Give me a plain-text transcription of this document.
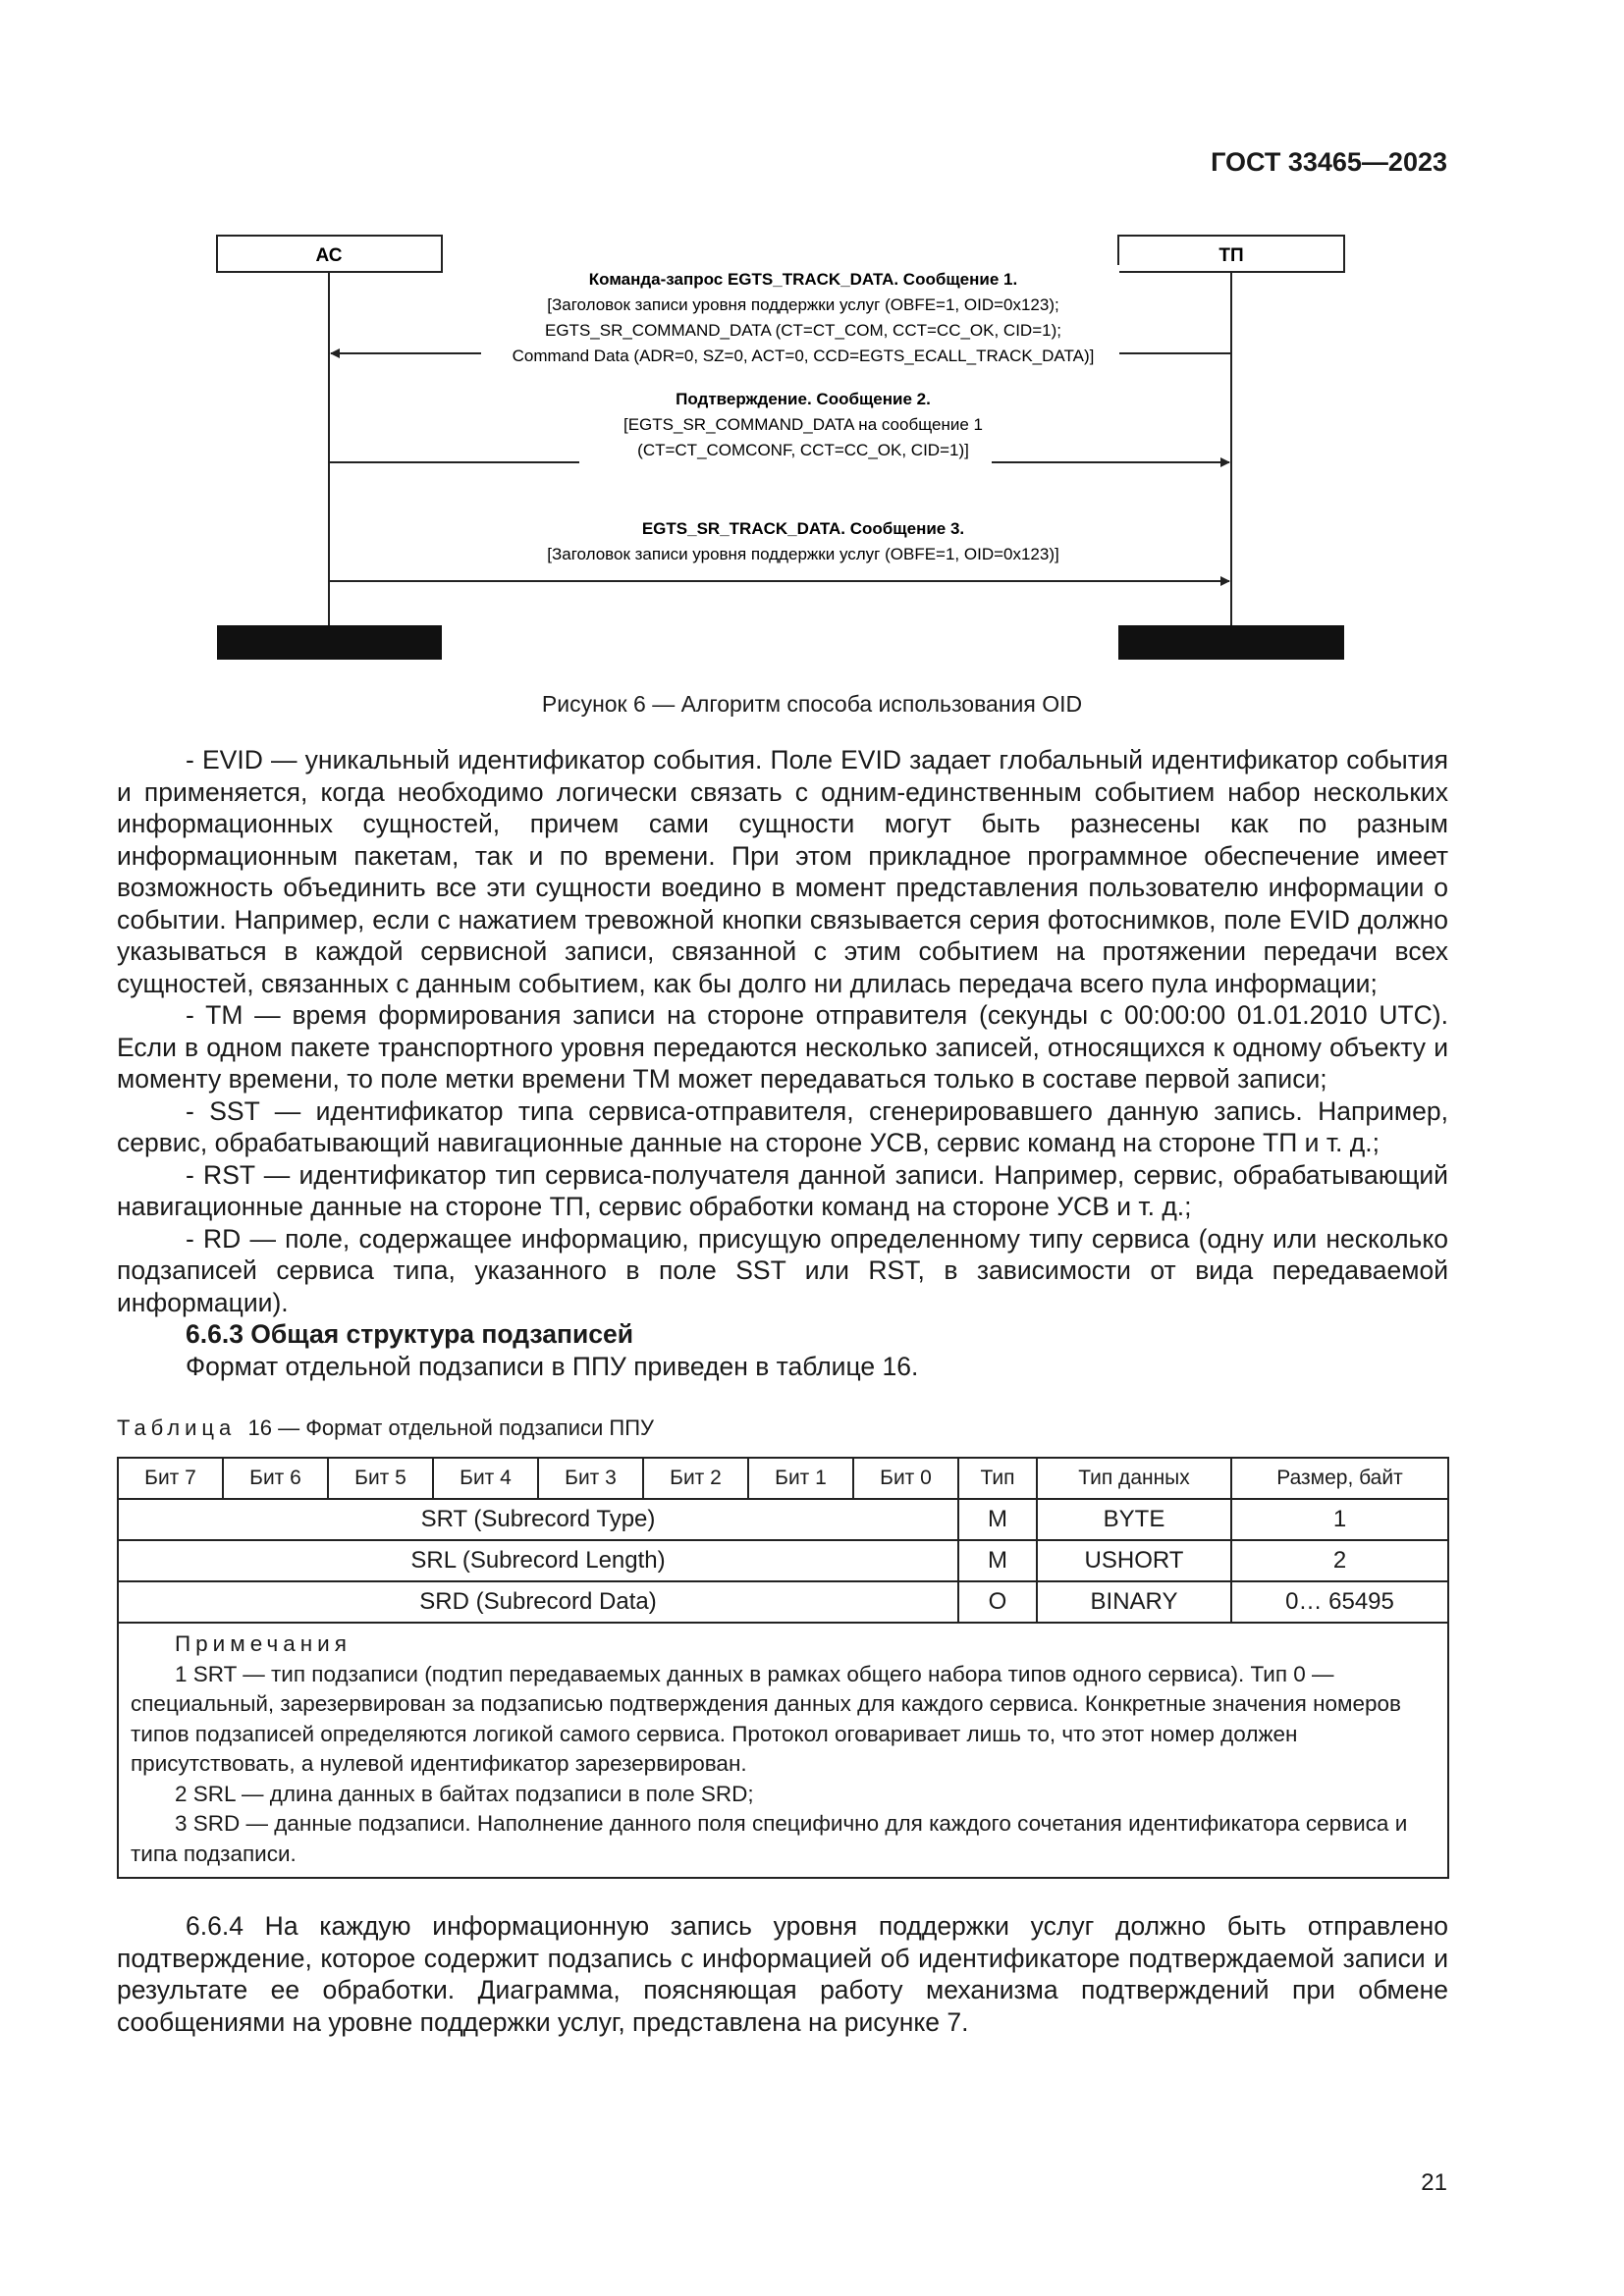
ГОСТ 33465—2023
АС	ТП
Команда-запрос EGTS_TRACK_DATA. Сообщение 1.
[Заголовок записи уровня поддержки услуг (OBFE=1, OID=0x123);
EGTS_SR_COMMAND_DATA (CT=CT_COM, CCT=CC_OK, CID=1);
Command Data (ADR=0, SZ=0, ACT=0, CCD=EGTS_ECALL_TRACK_DATA)]
Подтверждение. Сообщение 2.
[EGTS_SR_COMMAND_DATA на сообщение 1
(CT=CT_COMCONF, CCT=CC_OK, CID=1)]
EGTS_SR_TRACK_DATA. Сообщение 3.
[Заголовок записи уровня поддержки услуг (OBFE=1, OID=0x123)]
Рисунок 6 — Алгоритм способа использования OID

- EVID — уникальный идентификатор события. Поле EVID задает глобальный идентификатор события и применяется, когда необходимо логически связать с одним-единственным событием набор нескольких информационных сущностей, причем сами сущности могут быть разнесены как по разным информационным пакетам, так и по времени. При этом прикладное программное обеспечение имеет возможность объединить все эти сущности воедино в момент представления пользователю информации о событии. Например, если с нажатием тревожной кнопки связывается серия фотоснимков, поле EVID должно указываться в каждой сервисной записи, связанной с этим событием на протяжении передачи всех сущностей, связанных с данным событием, как бы долго ни длилась передача всего пула информации;

- TM — время формирования записи на стороне отправителя (секунды с 00:00:00 01.01.2010 UTC). Если в одном пакете транспортного уровня передаются несколько записей, относящихся к одному объекту и моменту времени, то поле метки времени TM может передаваться только в составе первой записи;

- SST — идентификатор типа сервиса-отправителя, сгенерировавшего данную запись. Например, сервис, обрабатывающий навигационные данные на стороне УСВ, сервис команд на стороне ТП и т. д.;

- RST — идентификатор тип сервиса-получателя данной записи. Например, сервис, обрабатывающий навигационные данные на стороне ТП, сервис обработки команд на стороне УСВ и т. д.;

- RD — поле, содержащее информацию, присущую определенному типу сервиса (одну или несколько подзаписей сервиса типа, указанного в поле SST или RST, в зависимости от вида передаваемой информации).

6.6.3 Общая структура подзаписей

Формат отдельной подзаписи в ППУ приведен в таблице 16.

Таблица 16 — Формат отдельной подзаписи ППУ
Бит 7	Бит 6	Бит 5	Бит 4	Бит 3	Бит 2	Бит 1	Бит 0	Тип	Тип данных	Размер, байт
SRT (Subrecord Type)								M	BYTE	1
SRL (Subrecord Length)								M	USHORT	2
SRD (Subrecord Data)								O	BINARY	0… 65495

Примечания

1 SRT — тип подзаписи (подтип передаваемых данных в рамках общего набора типов одного сервиса). Тип 0 — специальный, зарезервирован за подзаписью подтверждения данных для каждого сервиса. Конкретные значения номеров типов подзаписей определяются логикой самого сервиса. Протокол оговаривает лишь то, что этот номер должен присутствовать, а нулевой идентификатор зарезервирован.

2 SRL — длина данных в байтах подзаписи в поле SRD;

3 SRD — данные подзаписи. Наполнение данного поля специфично для каждого сочетания идентификатора сервиса и типа подзаписи.										

6.6.4 На каждую информационную запись уровня поддержки услуг должно быть отправлено подтверждение, которое содержит подзапись с информацией об идентификаторе подтверждаемой записи и результате ее обработки. Диаграмма, поясняющая работу механизма подтверждений при обмене сообщениями на уровне поддержки услуг, представлена на рисунке 7.

21
